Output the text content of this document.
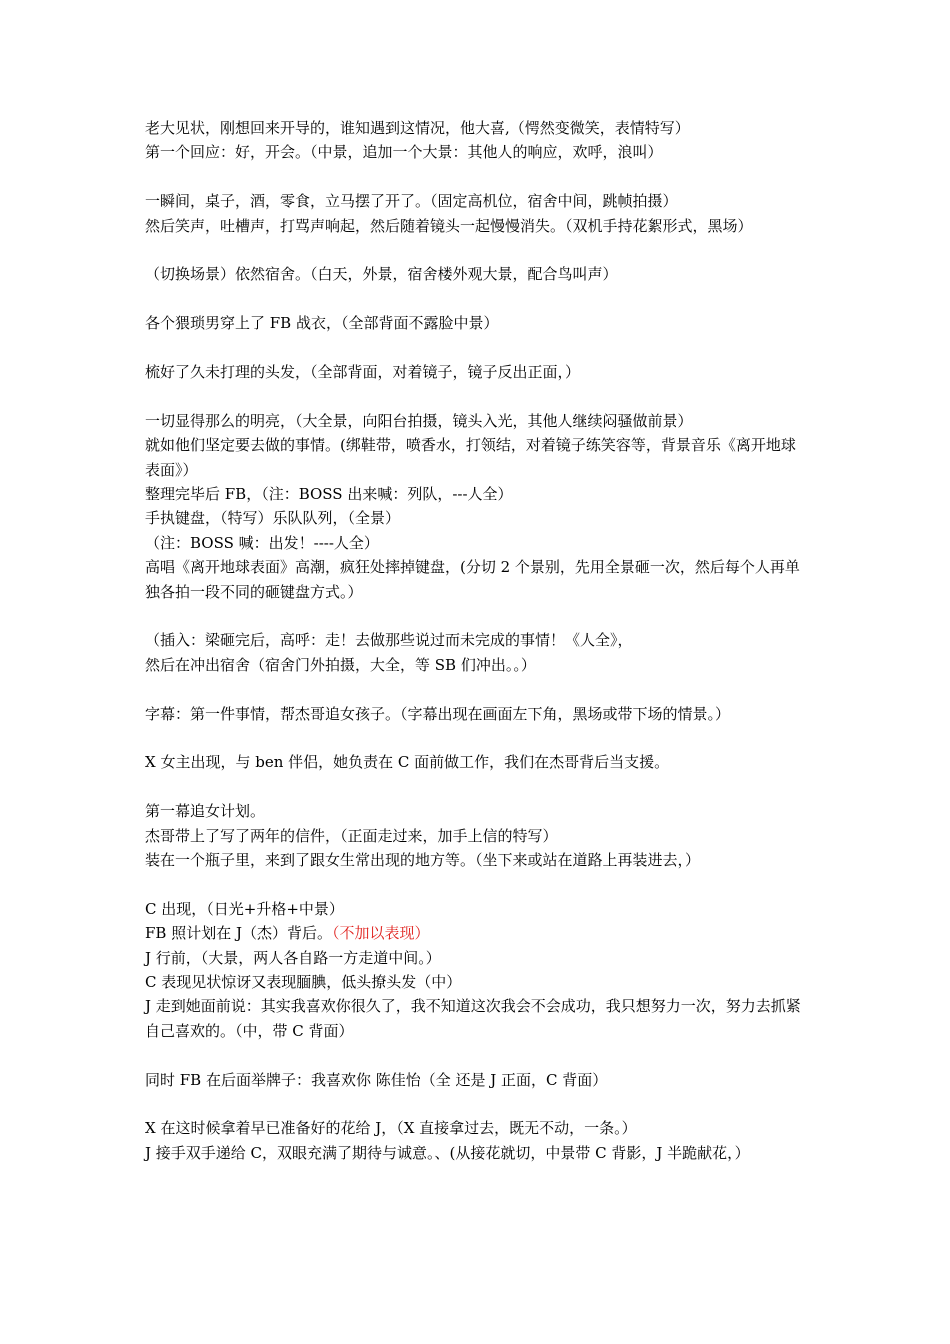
老大见状，刚想回来开导的，谁知遇到这情况，他大喜,（愕然变微笑，表情特写）
第一个回应：好，开会。（中景，追加一个大景：其他人的响应，欢呼，浪叫）
一瞬间，桌子，酒，零食，立马摆了开了。（固定高机位，宿舍中间，跳帧拍摄）
然后笑声，吐槽声，打骂声响起，然后随着镜头一起慢慢消失。（双机手持花絮形式，黑场）
（切换场景）依然宿舍。（白天，外景，宿舍楼外观大景，配合鸟叫声）
各个猥琐男穿上了 FB 战衣，（全部背面不露脸中景）
梳好了久未打理的头发，（全部背面，对着镜子，镜子反出正面，）
一切显得那么的明亮，（大全景，向阳台拍摄，镜头入光，其他人继续闷骚做前景）
就如他们坚定要去做的事情。(绑鞋带，喷香水，打领结，对着镜子练笑容等，背景音乐《离开地球表面》）
整理完毕后 FB，（注：BOSS 出来喊：列队，---人全）
手执键盘，（特写）乐队队列，（全景）
（注：BOSS 喊：出发！----人全）
高唱《离开地球表面》高潮，疯狂处摔掉键盘，(分切 2 个景别，先用全景砸一次，然后每个人再单独各拍一段不同的砸键盘方式。）
（插入：梁砸完后，高呼：走！去做那些说过而未完成的事情！《人全》，
然后在冲出宿舍（宿舍门外拍摄，大全，等 SB 们冲出。。）
字幕：第一件事情，帮杰哥追女孩子。（字幕出现在画面左下角，黑场或带下场的情景。）
X 女主出现，与 ben 伴侣，她负责在 C 面前做工作，我们在杰哥背后当支援。
第一幕追女计划。
杰哥带上了写了两年的信件，（正面走过来，加手上信的特写）
装在一个瓶子里，来到了跟女生常出现的地方等。（坐下来或站在道路上再装进去，）
C 出现，（日光+升格+中景）
FB 照计划在 J（杰）背后。（不加以表现）
J 行前，（大景，两人各自路一方走道中间。）
C 表现见状惊讶又表现腼腆，低头撩头发（中）
J 走到她面前说：其实我喜欢你很久了，我不知道这次我会不会成功，我只想努力一次，努力去抓紧自己喜欢的。（中，带 C 背面）
同时 FB 在后面举牌子：我喜欢你 陈佳怡（全 还是 J 正面，C 背面）
X 在这时候拿着早已准备好的花给 J，（X 直接拿过去，既无不动，一条。）
J 接手双手递给 C，双眼充满了期待与诚意。、(从接花就切，中景带 C 背影，J 半跪献花，）
